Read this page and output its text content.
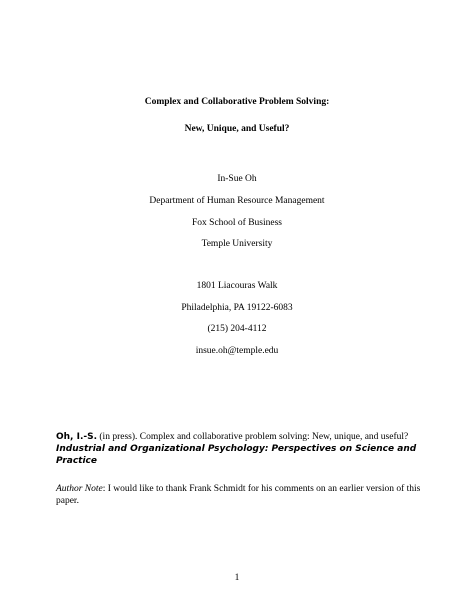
Complex and Collaborative Problem Solving:
New, Unique, and Useful?
In-Sue Oh
Department of Human Resource Management
Fox School of Business
Temple University
1801 Liacouras Walk
Philadelphia, PA 19122-6083
(215) 204-4112
insue.oh@temple.edu
Oh, I.-S. (in press). Complex and collaborative problem solving: New, unique, and useful? Industrial and Organizational Psychology: Perspectives on Science and Practice
Author Note: I would like to thank Frank Schmidt for his comments on an earlier version of this paper.
1
